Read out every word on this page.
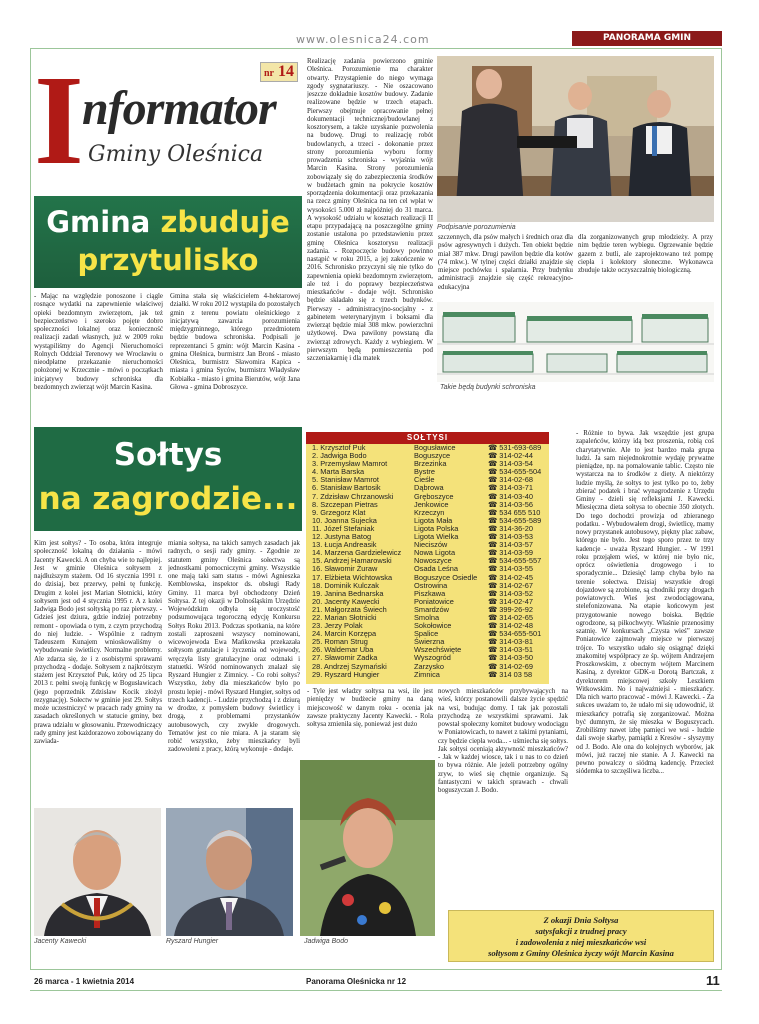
www.olesnica24.com	PANORAMA GMIN
I
nformator
Gminy Oleśnica
nr 14
Gmina zbuduje
przytulisko
Realizację zadania powierzono gminie Oleśnica. Porozumienie ma charakter otwarty. Przystąpienie do niego wymaga zgody sygnatariuszy. - Nie oszacowano jeszcze dokładnie kosztów budowy. Zadanie realizowane będzie w trzech etapach. Pierwszy obejmuje opracowanie pełnej dokumentacji technicznej/budowlanej z kosztorysem, a także uzyskanie pozwolenia na budowę. Drugi to realizację robót budowlanych, a trzeci - dokonanie przez strony porozumienia wyboru formy prowadzenia schroniska - wyjaśnia wójt Marcin Kasina. Strony porozumienia zobowiązały się do zabezpieczenia środków w budżetach gmin na pokrycie kosztów sporządzenia dokumentacji oraz przekazania na rzecz gminy Oleśnica na ten cel wpłat w wysokości 5.000 zł najpóźniej do 31 marca. A wysokość udziału w kosztach realizacji II etapu przypadającą na poszczególne gminy zostanie ustalona po przedstawieniu przez gminę Oleśnica kosztorysu realizacji zadania. - Rozpoczęcie budowy powinno nastąpić w roku 2015, a jej zakończenie w 2016. Schronisko przyczyni się nie tylko do zapewnienia opieki bezdomnym zwierzętom, ale też i do poprawy bezpieczeństwa mieszkańców - dodaje wójt. Schronisko będzie składało się z trzech budynków. Pierwszy - administracyjno-socjalny - z gabinetem weterynaryjnym i boksami dla zwierząt będzie miał 308 mkw. powierzchni użytkowej. Dwa pawilony powstaną dla zwierząt zdrowych. Każdy z wybiegiem. W pierwszym będą pomieszczenia pod szczeniakarnię i dla matek
- Mając na względzie ponoszone i ciągle rosnące wydatki na zapewnienie właściwej opieki bezdomnym zwierzętom, jak też bezpieczeństwo i szeroko pojęte dobro społeczności lokalnej oraz konieczność realizacji zadań własnych, już w 2009 roku wystąpiliśmy do Agencji Nieruchomości Rolnych Oddział Terenowy we Wrocławiu o nieodpłatne przekazanie nieruchomości położonej w Krzecznie - mówi o początkach inicjatywy budowy schroniska dla bezdomnych zwierząt wójt Marcin Kasina.
Gmina stała się właścicielem 4-hektarowej działki. W roku 2012 wystąpiła do pozostałych gmin z terenu powiatu oleśnickiego z inicjatywą zawarcia porozumienia międzygminnego, którego przedmiotem będzie budowa schroniska. Podpisali je reprezentanci 5 gmin: wójt Marcin Kasina - gmina Oleśnica, burmistrz Jan Bronś - miasto Oleśnica, burmistrz Sławomira Kapica - miasta i gmina Syców, burmistrz Władysław Kobiałka - miasto i gmina Bierutów, wójt Jana Głowa - gmina Dobroszyce.
szczennych, dla psów małych i średnich oraz dla psów agresywnych i dużych. Ten obiekt będzie miał 387 mkw. Drugi pawilon będzie dla kotów (74 mkw.). W tylnej części działki znajdzie się miejsce pochówku i spalarnia. Przy budynku administracji znajdzie się część rekreacyjno-edukacyjna
dla zorganizowanych grup młodzieży. A przy nim będzie teren wybiegu. Ogrzewanie będzie gazem z butli, ale zaprojektowano też pompę ciepła i kolektory słoneczne. Wykonawca zbuduje także oczyszczalnię biologiczną.
Podpisanie porozumienia
Takie będą budynki schroniska
Sołtys
na zagrodzie...
Kim jest sołtys? - To osoba, która integruje społeczność lokalną do działania - mówi Jacenty Kawecki. A on chyba wie to najlepiej. Jest w gminie Oleśnica sołtysem z najdłuższym stażem. Od 16 stycznia 1991 r. do dzisiaj, bez przerwy, pełni tę funkcję. Drugim z kolei jest Marian Słotnicki, który sołtysem jest od 4 stycznia 1995 r. A z kolei Jadwiga Bodo jest sołtyską po raz pierwszy. - Gdzieś jest dziura, gdzie indziej potrzebny remont - opowiada o tym, z czym przychodzą do niej ludzie. - Wspólnie z radnym Tadeuszem Kunajem wnioskowaliśmy o wybudowanie świetlicy. Normalne problemy. Ale zdarza się, że i z osobistymi sprawami przychodzą - dodaje. Sołtysem z najkrótszym stażem jest Krzysztof Puk, który od 25 lipca 2013 r. pełni swoją funkcję w Bogusławicach (jego poprzednik Zdzisław Kocik złożył rezygnację). Sołectw w gminie jest 29. Sołtys może uczestniczyć w pracach rady gminy na zasadach określonych w statucie gminy, bez prawa udziału w głosowaniu. Przewodniczący rady gminy jest każdorazowo zobowiązany do zawiada-
miania sołtysa, na takich samych zasadach jak radnych, o sesji rady gminy. - Zgodnie ze statutem gminy Oleśnica sołectwa są jednostkami pomocniczymi gminy. Wszystkie one mają taki sam status - mówi Agnieszka Kemblowska, inspektor ds. obsługi Rady Gminy. 11 marca był obchodzony Dzień Sołtysa. Z tej okazji w Dolnośląskim Urzędzie Wojewódzkim odbyła się uroczystość podsumowująca tegoroczną edycję Konkursu Sołtys Roku 2013. Podczas spotkania, na które zostali zaproszeni wszyscy nominowani, wicewojewoda Ewa Mańkowska przekazała sołtysom gratulacje i życzenia od wojewody, wręczyła listy gratulacyjne oraz odznaki i statuetki. Wśród nominowanych znalazł się Ryszard Hungier z Zimnicy. - Co robi sołtys? Wszystko, żeby dla mieszkańców było po prostu lepiej - mówi Ryszard Hungier, sołtys od trzech kadencji. - Ludzie przychodzą i z dziurą w drodze, z pomysłem budowy świetlicy i drogą, z problemami przystanków autobusowych, czy zwykłe drogowych. Tematów jest co nie miara. A ja staram się robić wszystko, żeby mieszkańcy byli zadowoleni z pracy, którą wykonuje - dodaje.
- Tyle jest władzy sołtysa na wsi, ile jest pieniędzy w budżecie gminy na daną miejscowość w danym roku - ocenia jak zawsze praktyczny Jacenty Kawecki. - Rola sołtysa zmieniła się, ponieważ jest dużo
nowych mieszkańców przybywających na wieś, którzy postanowili dalsze życie spędzić na wsi, budując domy. I tak jak pozostali przychodzą ze wszystkimi sprawami. Jak powstał społeczny komitet budowy wodociągu w Poniatowicach, to nawet z takimi pytaniami, czy będzie ciepła woda... - uśmiecha się sołtys. Jak sołtysi oceniają aktywność mieszkańców? - Jak w każdej wiosce, tak i u nas to co dzień to bywa różnie. Ale jeżeli potrzebny ogólny zryw, to wieś się chętnie organizuje. Są fantastyczni w takich sprawach - chwali boguszyczan J. Bodo.
- Różnie to bywa. Jak wszędzie jest grupa zapaleńców, którzy idą bez proszenia, robią coś charytatywnie. Ale to jest bardzo mała grupa ludzi. Ja sam niejednokrotnie wydaję prywatne pieniądze, np. na pomalowanie tablic. Często nie wystarcza na to środków z diety. A niektórzy ludzie myślą, że sołtys to jest tylko po to, żeby zbierać podatek i brać wynagrodzenie z Urzędu Gminy - dzieli się refleksjami J. Kawecki. Miesięczna dieta sołtysa to obecnie 350 złotych. Do tego dochodzi prowizja od zbieranego podatku. - Wybudowałem drogi, świetlicę, mamy nowy przystanek autobusowy, piękny plac zabaw, którego nie było. Jest tego sporo przez te trzy kadencje - uważa Ryszard Hungier. - W 1991 roku przejąłem wieś, w której nie było nic, oprócz oświetlenia drogowego i to sporadycznie... Dziesięć lamp chyba było na terenie sołectwa. Dzisiaj wszystkie drogi dojazdowe są zrobione, są chodniki przy drogach powiatowych. Wieś jest zwodociągowana, stelefonizowana. Na etapie końcowym jest przygotowanie nowego boiska. Będzie ogrodzone, są piłkochwyty. Właśnie przenosimy szatnię. W konkursach „Czysta wieś” zawsze Poniatowice zajmowały miejsce w pierwszej trójce. To wszystko udało się osiągnąć dzięki znakomitej współpracy ze śp. wójtem Andrzejem Proszkowskim, z obecnym wójtem Marcinem Kasiną, z dyrektor GDK-u Dorotą Bartczak, z dyrektorem miejscowej szkoły Leszkiem Witkowskim. No i najważniejsi - mieszkańcy. Dla nich warto pracować - mówi J. Kawecki. - Za sukces uważam to, że udało mi się udowodnić, iż mieszkańcy potrafią się zorganizować. Można być dumnym, że się mieszka w Boguszycach. Zrobiliśmy nawet izbę pamięci we wsi - ludzie dali swoje skarby, pamiątki z Kresów - słyszymy od J. Bodo. Ale ona do kolejnych wyborów, jak mówi, już raczej nie stanie. A J. Kawecki na pewno powalczy o siódmą kadencję. Przecież siódemka to szczęśliwa liczba...
SOŁTYSI
1. Krzysztof Puk	Bogusławice	☎ 531-693-689
2. Jadwiga Bodo	Boguszyce	☎ 314-02-44
3. Przemysław Mamrot	Brzezinka	☎ 314-03-54
4. Marta Barska	Bystre	☎ 534-655-504
5. Stanisław Mamrot	Cieśle	☎ 314-02-68
6. Stanisław Bartosik	Dąbrowa	☎ 314-03-71
7. Zdzisław Chrzanowski	Gręboszyce	☎ 314-03-40
8. Szczepan Pietras	Jenkowice	☎ 314-03-56
9. Grzegorz Klat	Krzeczyn	☎ 534 655 510
10. Joanna Sujecka	Ligota Mała	☎ 534-655-589
11. Józef Stefaniak	Ligota Polska	☎ 314-36-20
12. Justyna Batog	Ligota Wielka	☎ 314-03-53
13. Łucja Andreasik	Nieciszów	☎ 314-03-57
14. Marzena Gardzielewicz	Nowa Ligota	☎ 314-03-59
15. Andrzej Hamarowski	Nowoszyce	☎ 534-655-557
16. Sławomir Żuraw	Osada Leśna	☎ 314-03-55
17. Elżbieta Wichtowska	Boguszyce Osiedle	☎ 314-02-45
18. Dominik Kulczak	Ostrowina	☎ 314-02-67
19. Janina Bednarska	Piszkawa	☎ 314-03-52
20. Jacenty Kawecki	Poniatowice	☎ 314-02-47
21. Małgorzata Świech	Smardzów	☎ 399-26-92
22. Marian Słotnicki	Smolna	☎ 314-02-65
23. Jerzy Polak	Sokołowice	☎ 314-02-48
24. Marcin Korzępa	Spalice	☎ 534-655-501
25. Roman Strug	Świerzna	☎ 314-03-81
26. Waldemar Uba	Wszechświęte	☎ 314-03-51
27. Sławomir Zadka	Wyszogród	☎ 314-03-50
28. Andrzej Szymański	Zarzysko	☎ 314-02-69
29. Ryszard Hungier	Zimnica	☎ 314 03 58
Jacenty Kawecki	Ryszard Hungier	Jadwiga Bodo
Z okazji Dnia Sołtysa
satysfakcji z trudnej pracy
i zadowolenia z niej mieszkańców wsi
sołtysom z Gminy Oleśnica życzy wójt Marcin Kasina
26 marca - 1 kwietnia 2014	Panorama Oleśnicka nr 12	11
